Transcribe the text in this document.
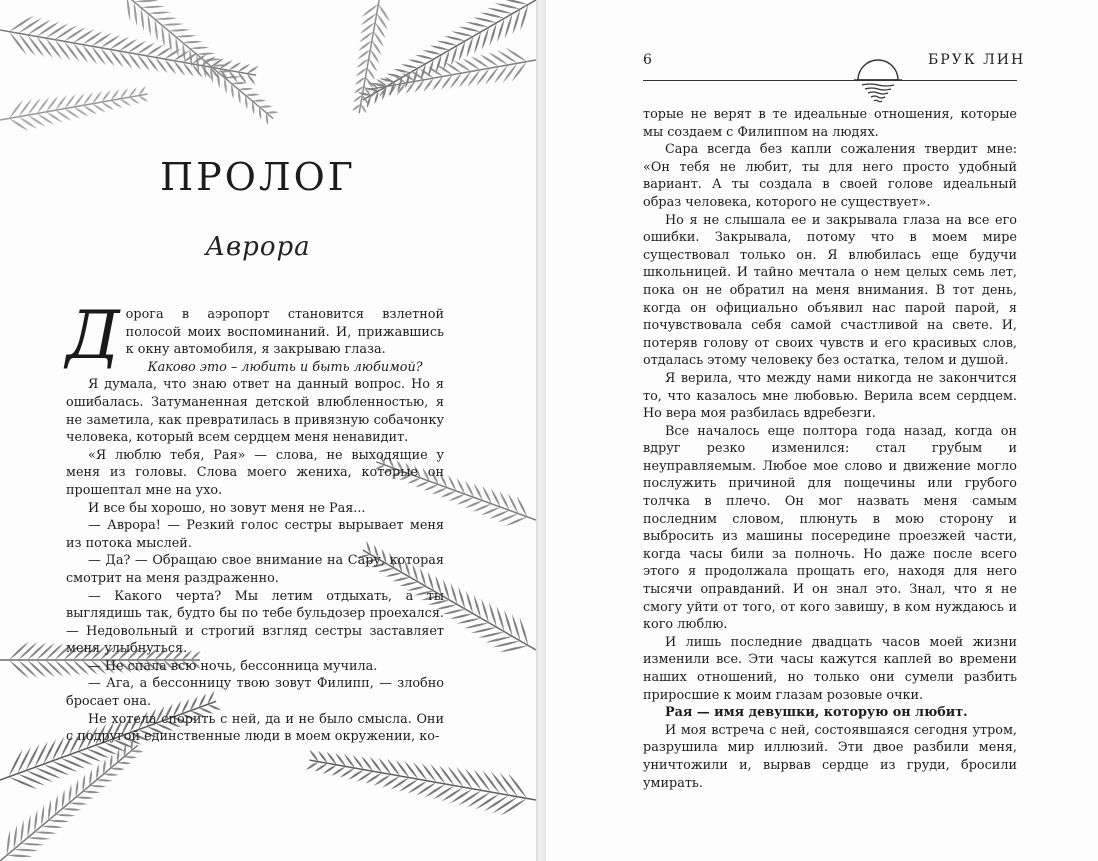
ПРОЛОГ
Аврора

Дорога в аэропорт становится взлетной полосой моих воспоминаний. И, прижавшись к окну автомобиля, я закрываю глаза.

Каково это – любить и быть любимой?

Я думала, что знаю ответ на данный вопрос. Но я ошибалась. Затуманенная детской влюбленностью, я не заметила, как превратилась в привязную собачонку человека, который всем сердцем меня ненавидит.

«Я люблю тебя, Рая» — слова, не выходящие у меня из головы. Слова моего жениха, которые он прошептал мне на ухо.

И все бы хорошо, но зовут меня не Рая...

— Аврора! — Резкий голос сестры вырывает меня из потока мыслей.

— Да? — Обращаю свое внимание на Сару, которая смотрит на меня раздраженно.

— Какого черта? Мы летим отдыхать, а ты выглядишь так, будто бы по тебе бульдозер проехался. — Недовольный и строгий взгляд сестры заставляет меня улыбнуться.

— Не спала всю ночь, бессонница мучила.

— Ага, а бессонницу твою зовут Филипп, — злобно бросает она.

Не хотела спорить с ней, да и не было смысла. Они с подругой единственные люди в моем окружении, ко-

6	БРУК ЛИН

торые не верят в те идеальные отношения, которые мы создаем с Филиппом на людях.

Сара всегда без капли сожаления твердит мне: «Он тебя не любит, ты для него просто удобный вариант. А ты создала в своей голове идеальный образ человека, которого не существует».

Но я не слышала ее и закрывала глаза на все его ошибки. Закрывала, потому что в моем мире существовал только он. Я влюбилась еще будучи школьницей. И тайно мечтала о нем целых семь лет, пока он не обратил на меня внимания. В тот день, когда он официально объявил нас парой парой, я почувствовала себя самой счастливой на свете. И, потеряв голову от своих чувств и его красивых слов, отдалась этому человеку без остатка, телом и душой.

Я верила, что между нами никогда не закончится то, что казалось мне любовью. Верила всем сердцем. Но вера моя разбилась вдребезги.

Все началось еще полтора года назад, когда он вдруг резко изменился: стал грубым и неуправляемым. Любое мое слово и движение могло послужить причиной для пощечины или грубого толчка в плечо. Он мог назвать меня самым последним словом, плюнуть в мою сторону и выбросить из машины посередине проезжей части, когда часы били за полночь. Но даже после всего этого я продолжала прощать его, находя для него тысячи оправданий. И он знал это. Знал, что я не смогу уйти от того, от кого завишу, в ком нуждаюсь и кого люблю.

И лишь последние двадцать часов моей жизни изменили все. Эти часы кажутся каплей во времени наших отношений, но только они сумели разбить приросшие к моим глазам розовые очки.

Рая — имя девушки, которую он любит.

И моя встреча с ней, состоявшаяся сегодня утром, разрушила мир иллюзий. Эти двое разбили меня, уничтожили и, вырвав сердце из груди, бросили умирать.
